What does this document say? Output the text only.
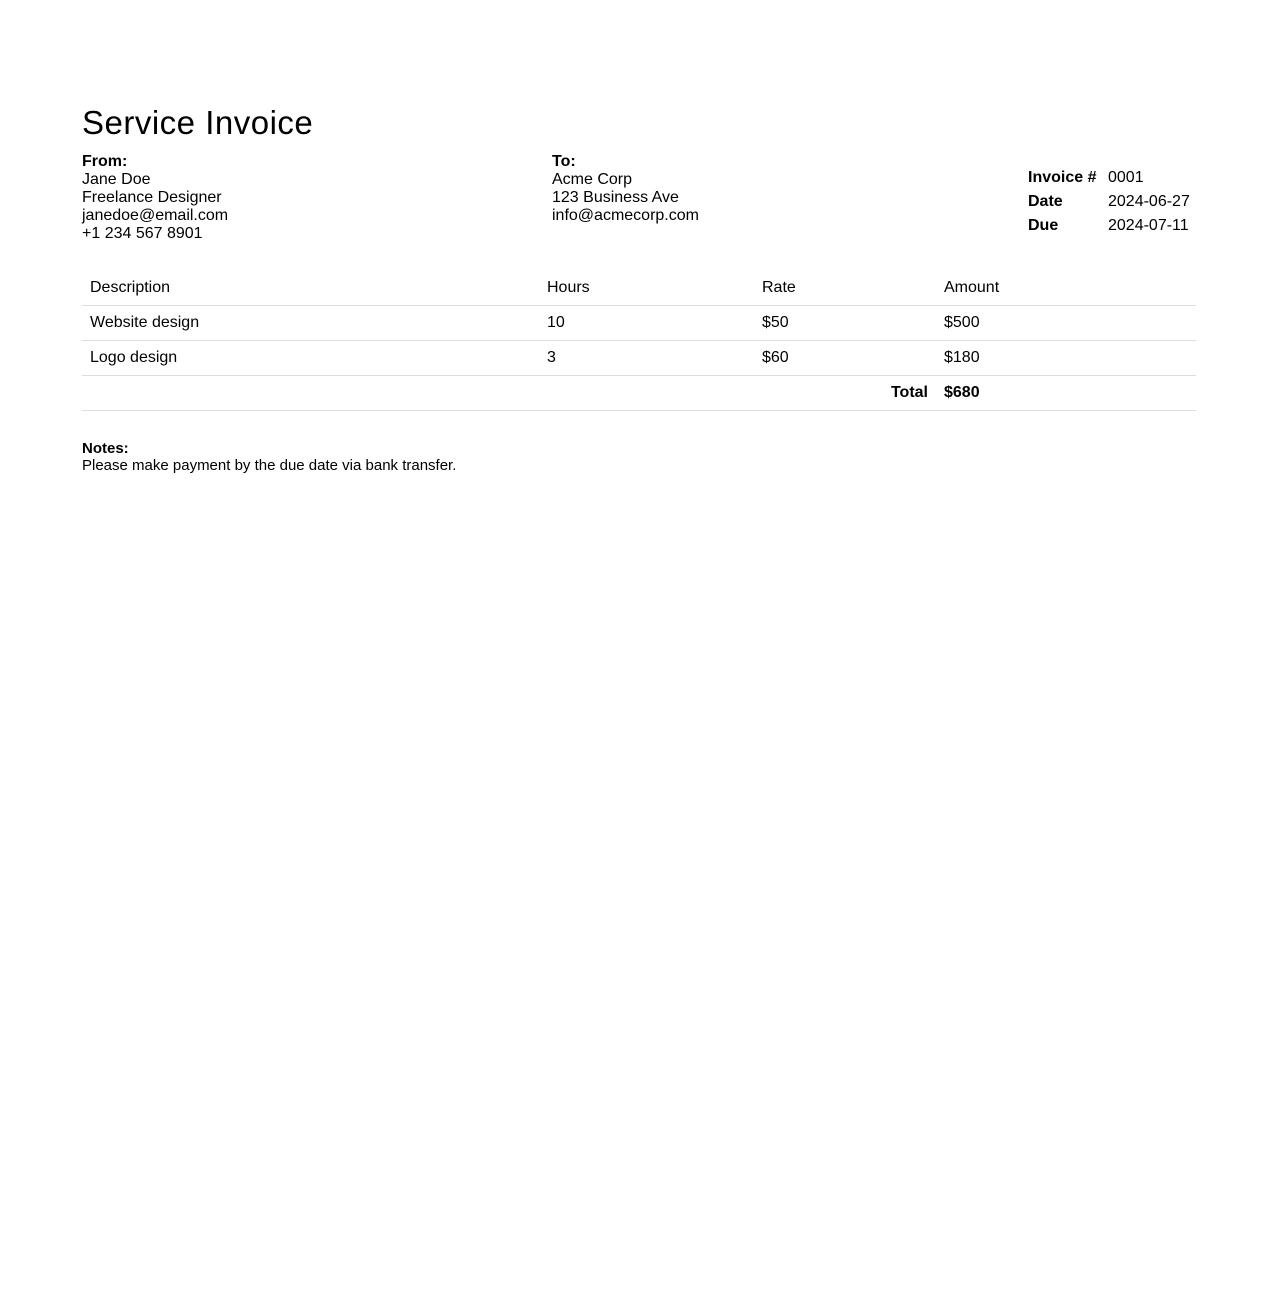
Service Invoice
From:
Jane Doe
Freelance Designer
janedoe@email.com
+1 234 567 8901
To:
Acme Corp
123 Business Ave
info@acmecorp.com
Invoice #	0001
Date	2024-06-27
Due	2024-07-11
Description	Hours	Rate	Amount
Website design	10	$50	$500
Logo design	3	$60	$180
Total			$680
Notes:
Please make payment by the due date via bank transfer.
